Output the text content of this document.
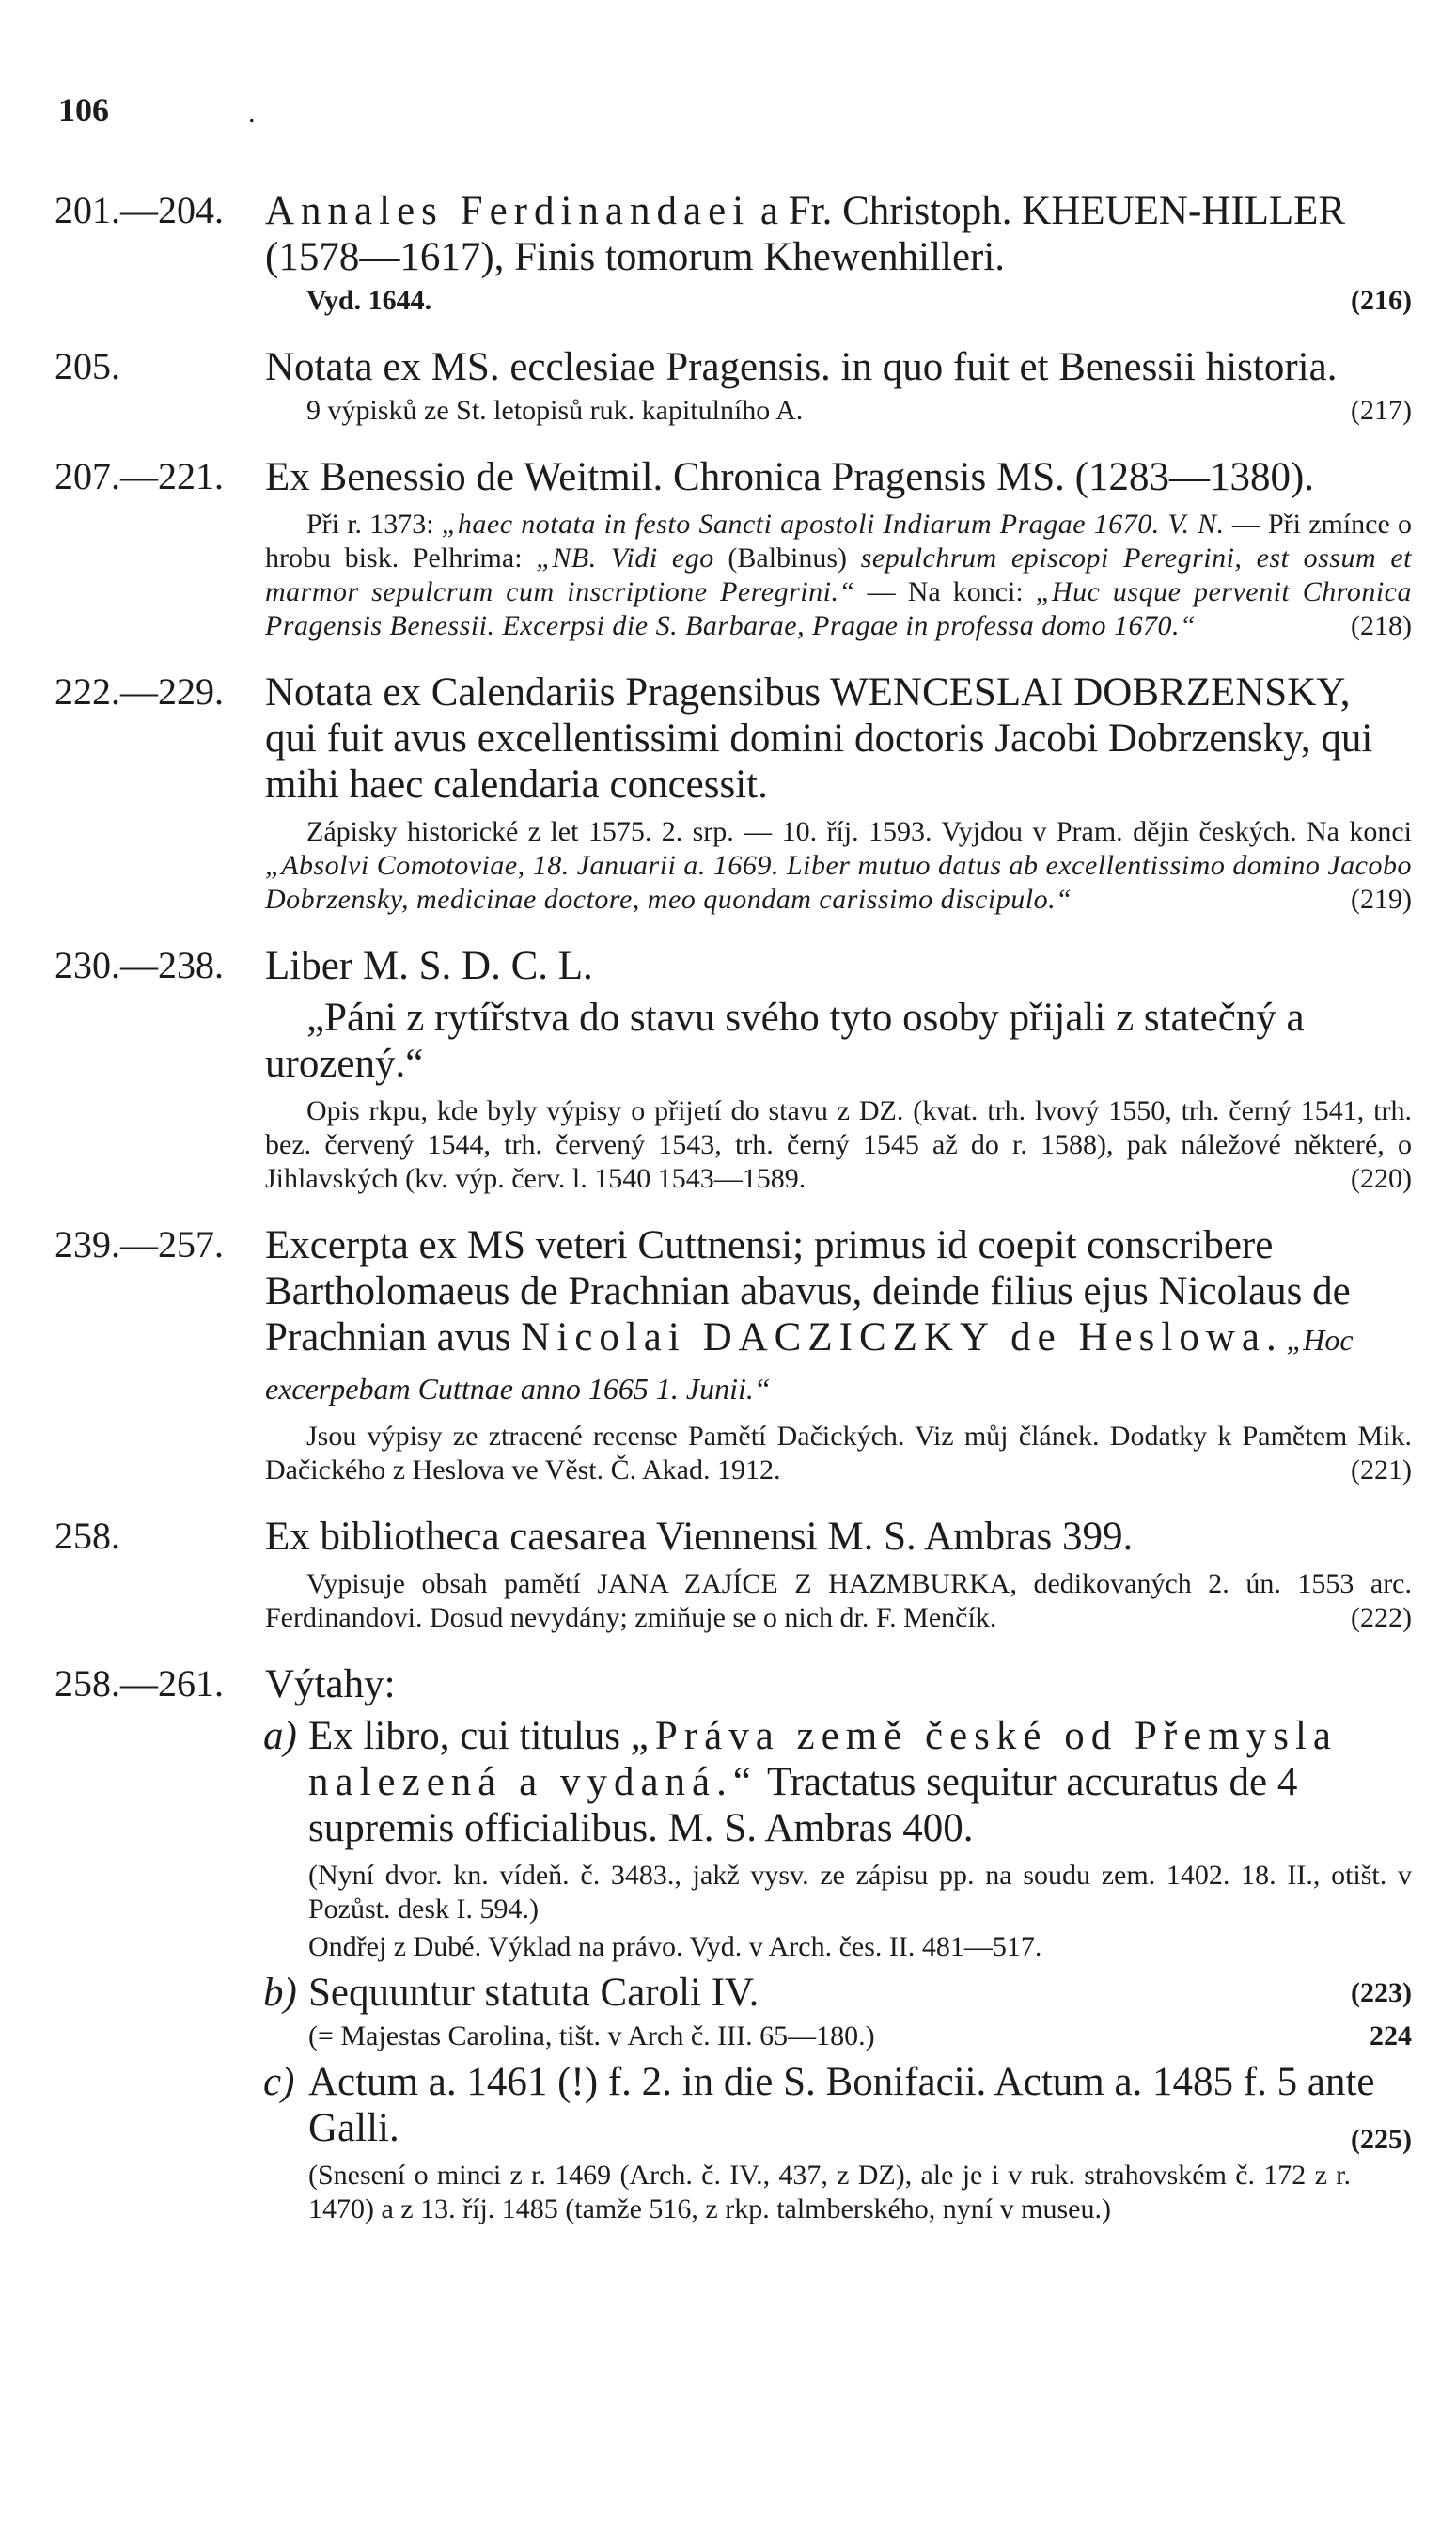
106	.
201.—204. Annales Ferdinandaei a Fr. Christoph. KHEUEN-HILLER (1578—1617), Finis tomorum Khewenhilleri.

Vyd. 1644.	(216)
205.	Notata ex MS. ecclesiae Pragensis. in quo fuit et Benessii historia.

9 výpisků ze St. letopisů ruk. kapitulního A.	(217)
207.—221. Ex Benessio de Weitmil. Chronica Pragensis MS. (1283—1380).

Při r. 1373: „haec notata in festo Sancti apostoli Indiarum Pragae 1670. V. N. — Při zmínce o hrobu bisk. Pelhrima: „NB. Vidi ego (Balbinus) sepulchrum episcopi Peregrini, est ossum et marmor sepulcrum cum inscriptione Peregrini.“ — Na konci: „Huc usque pervenit Chronica Pragensis Benessii. Excerpsi die S. Barbarae, Pragae in professa domo 1670.“	(218)

222.—229. Notata ex Calendariis Pragensibus WENCESLAI DOBRZENSKY, qui fuit avus excellentissimi domini doctoris Jacobi Dobrzensky, qui mihi haec calendaria concessit.

Zápisky historické z let 1575. 2. srp. — 10. říj. 1593. Vyjdou v Pram. dějin českých. Na konci „Absolvi Comotoviae, 18. Januarii a. 1669. Liber mutuo datus ab excellentissimo domino Jacobo Dobrzensky, medicinae doctore, meo quondam carissimo discipulo.“	(219)

230.—238. Liber M. S. D. C. L.

„Páni z rytířstva do stavu svého tyto osoby přijali z statečný a urozený.“

Opis rkpu, kde byly výpisy o přijetí do stavu z DZ. (kvat. trh. lvový 1550, trh. černý 1541, trh. bez. červený 1544, trh. červený 1543, trh. černý 1545 až do r. 1588), pak náležové některé, o Jihlavských (kv. výp. červ. l. 1540 1543—1589.	(220)

239.—257. Excerpta ex MS veteri Cuttnensi; primus id coepit conscribere Bartholomaeus de Prachnian abavus, deinde filius ejus Nicolaus de Prachnian avus Nicolai DACZICZKY de Heslowa. „Hoc excerpebam Cuttnae anno 1665 1. Junii.“

Jsou výpisy ze ztracené recense Pamětí Dačických. Viz můj článek. Dodatky k Pamětem Mik. Dačického z Heslova ve Věst. Č. Akad. 1912.	(221)

258.	Ex bibliotheca caesarea Viennensi M. S. Ambras 399.

Vypisuje obsah pamětí JANA ZAJÍCE Z HAZMBURKA, dedikovaných 2. ún. 1553 arc. Ferdinandovi. Dosud nevydány; zmiňuje se o nich dr. F. Menčík.	(222)

258.—261. Výtahy:

a) Ex libro, cui titulus „Práva země české od Přemysla nalezená a vydaná.“ Tractatus sequitur accuratus de 4 supremis officialibus. M. S. Ambras 400.

(Nyní dvor. kn. vídeň. č. 3483., jakž vysv. ze zápisu pp. na soudu zem. 1402. 18. II., otišt. v Pozůst. desk I. 594.)

Ondřej z Dubé. Výklad na právo. Vyd. v Arch. čes. II. 481—517.

b) Sequuntur statuta Caroli IV.	(223)
(= Majestas Carolina, tišt. v Arch č. III. 65—180.)	224
c) Actum a. 1461 (!) f. 2. in die S. Bonifacii. Actum a. 1485 f. 5 ante Galli.	(225)

(Snesení o minci z r. 1469 (Arch. č. IV., 437, z DZ), ale je i v ruk. strahovském č. 172 z r. 1470) a z 13. říj. 1485 (tamže 516, z rkp. talmberského, nyní v museu.)
